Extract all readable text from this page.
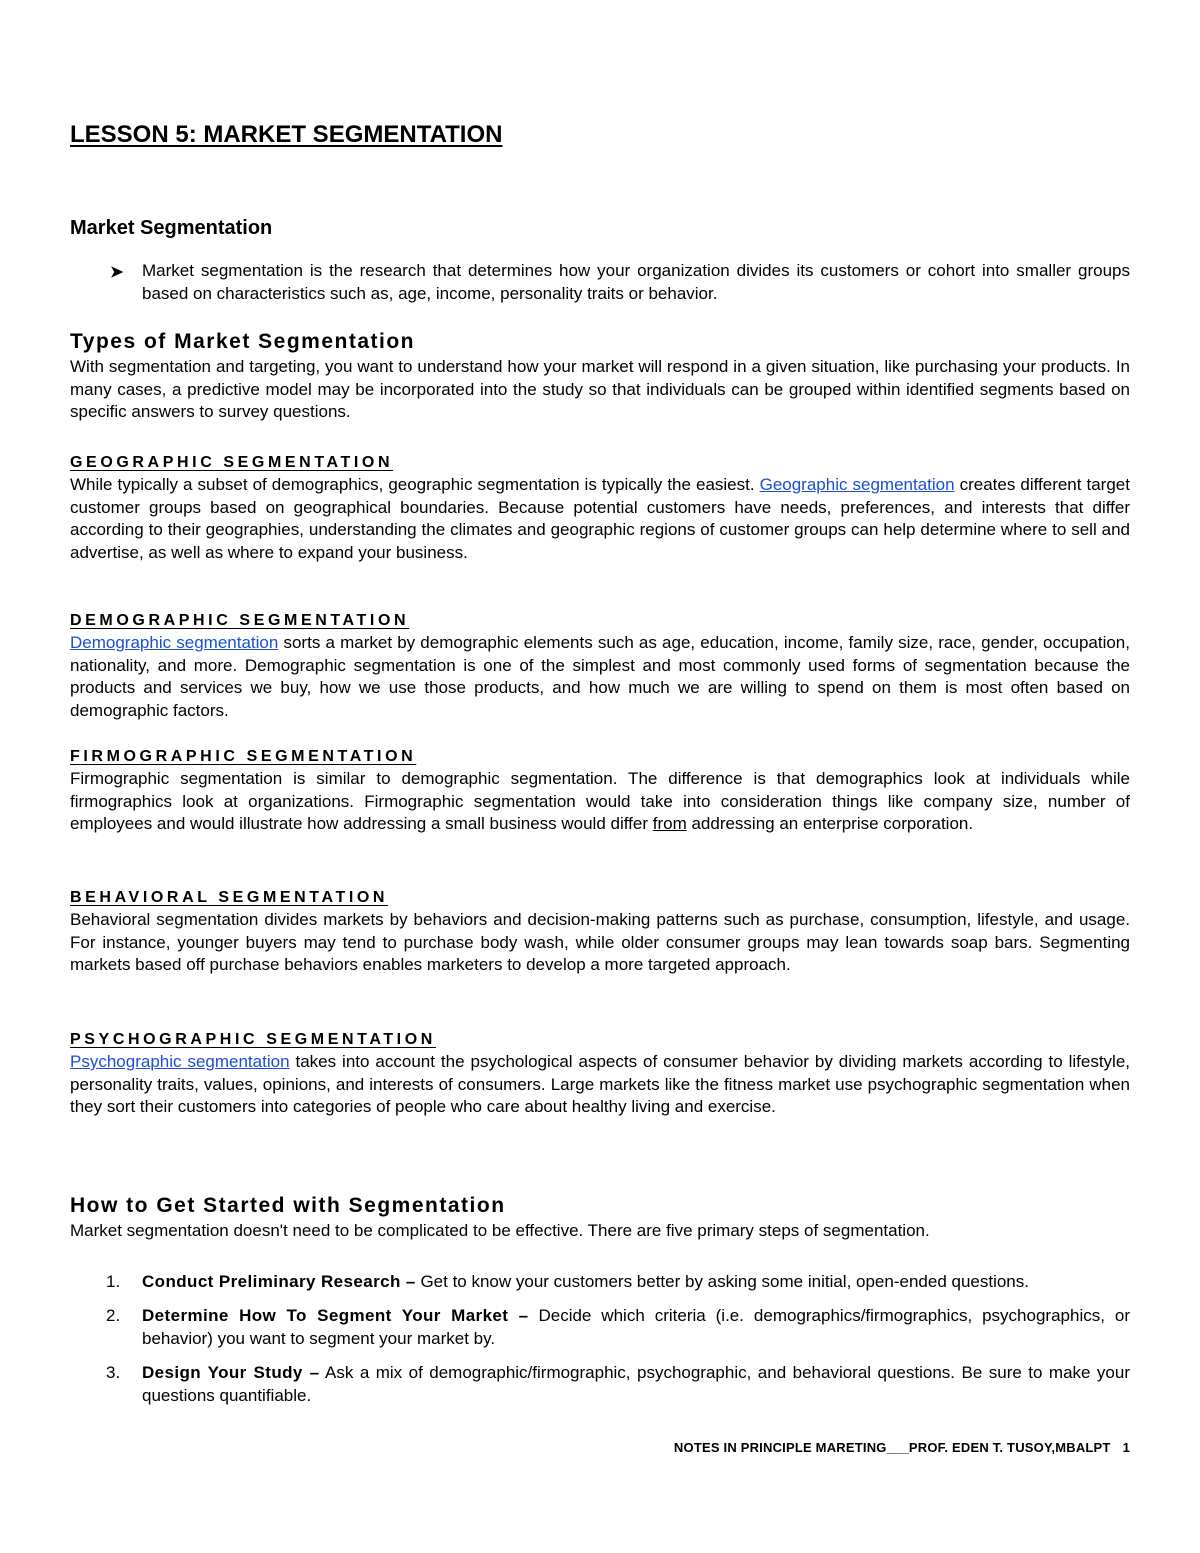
LESSON 5: MARKET SEGMENTATION
Market Segmentation
➤ Market segmentation is the research that determines how your organization divides its customers or cohort into smaller groups based on characteristics such as, age, income, personality traits or behavior.
Types of Market Segmentation

With segmentation and targeting, you want to understand how your market will respond in a given situation, like purchasing your products. In many cases, a predictive model may be incorporated into the study so that individuals can be grouped within identified segments based on specific answers to survey questions.

GEOGRAPHIC SEGMENTATION

While typically a subset of demographics, geographic segmentation is typically the easiest. Geographic segmentation creates different target customer groups based on geographical boundaries. Because potential customers have needs, preferences, and interests that differ according to their geographies, understanding the climates and geographic regions of customer groups can help determine where to sell and advertise, as well as where to expand your business.

DEMOGRAPHIC SEGMENTATION

Demographic segmentation sorts a market by demographic elements such as age, education, income, family size, race, gender, occupation, nationality, and more. Demographic segmentation is one of the simplest and most commonly used forms of segmentation because the products and services we buy, how we use those products, and how much we are willing to spend on them is most often based on demographic factors.

FIRMOGRAPHIC SEGMENTATION

Firmographic segmentation is similar to demographic segmentation. The difference is that demographics look at individuals while firmographics look at organizations. Firmographic segmentation would take into consideration things like company size, number of employees and would illustrate how addressing a small business would differ from addressing an enterprise corporation.

BEHAVIORAL SEGMENTATION

Behavioral segmentation divides markets by behaviors and decision-making patterns such as purchase, consumption, lifestyle, and usage. For instance, younger buyers may tend to purchase body wash, while older consumer groups may lean towards soap bars. Segmenting markets based off purchase behaviors enables marketers to develop a more targeted approach.

PSYCHOGRAPHIC SEGMENTATION

Psychographic segmentation takes into account the psychological aspects of consumer behavior by dividing markets according to lifestyle, personality traits, values, opinions, and interests of consumers. Large markets like the fitness market use psychographic segmentation when they sort their customers into categories of people who care about healthy living and exercise.

How to Get Started with Segmentation

Market segmentation doesn't need to be complicated to be effective. There are five primary steps of segmentation.

1. Conduct Preliminary Research – Get to know your customers better by asking some initial, open-ended questions.
2. Determine How To Segment Your Market – Decide which criteria (i.e. demographics/firmographics, psychographics, or behavior) you want to segment your market by.
3. Design Your Study – Ask a mix of demographic/firmographic, psychographic, and behavioral questions. Be sure to make your questions quantifiable.
NOTES IN PRINCIPLE MARETING___PROF. EDEN T. TUSOY,MBALPT 1
